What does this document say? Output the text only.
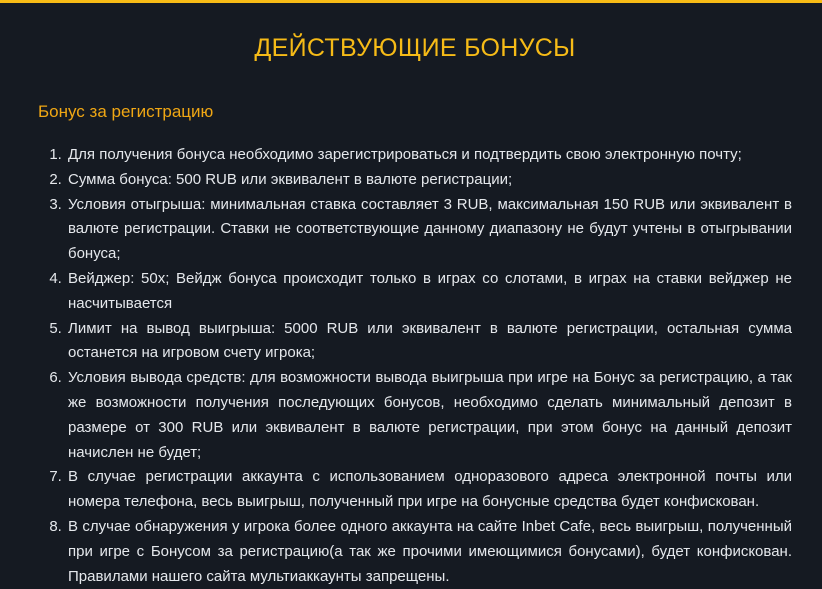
ДЕЙСТВУЮЩИЕ БОНУСЫ
Бонус за регистрацию
1. Для получения бонуса необходимо зарегистрироваться и подтвердить свою электронную почту;
2. Сумма бонуса: 500 RUB или эквивалент в валюте регистрации;
3. Условия отыгрыша: минимальная ставка составляет 3 RUB, максимальная 150 RUB или эквивалент в валюте регистрации. Ставки не соответствующие данному диапазону не будут учтены в отыгрывании бонуса;
4. Вейджер: 50x; Вейдж бонуса происходит только в играх со слотами, в играх на ставки вейджер не насчитывается
5. Лимит на вывод выигрыша: 5000 RUB или эквивалент в валюте регистрации, остальная сумма останется на игровом счету игрока;
6. Условия вывода средств: для возможности вывода выигрыша при игре на Бонус за регистрацию, а так же возможности получения последующих бонусов, необходимо сделать минимальный депозит в размере от 300 RUB или эквивалент в валюте регистрации, при этом бонус на данный депозит начислен не будет;
7. В случае регистрации аккаунта с использованием одноразового адреса электронной почты или номера телефона, весь выигрыш, полученный при игре на бонусные средства будет конфискован.
8. В случае обнаружения у игрока более одного аккаунта на сайте Inbet Cafe, весь выигрыш, полученный при игре с Бонусом за регистрацию(а так же прочими имеющимися бонусами), будет конфискован. Правилами нашего сайта мультиаккаунты запрещены.
